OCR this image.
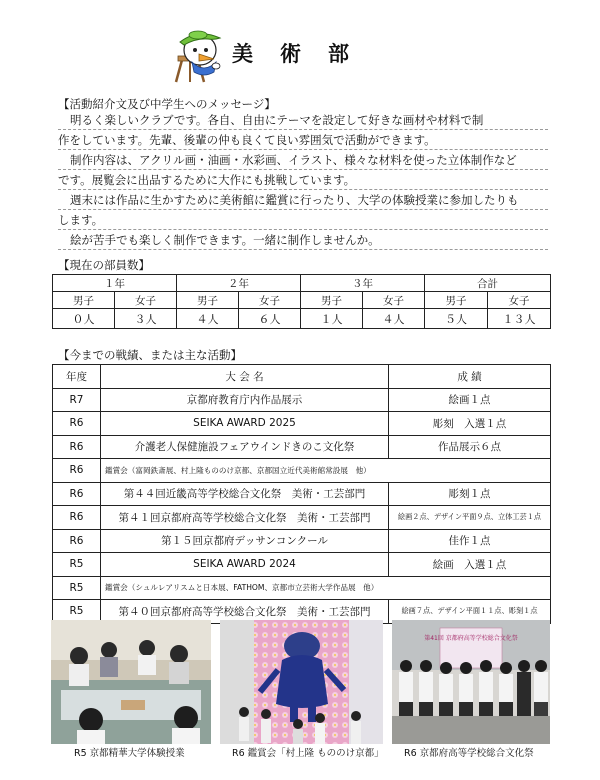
美術部
【活動紹介文及び中学生へのメッセージ】
明るく楽しいクラブです。各自、自由にテーマを設定して好きな画材や材料で制
作をしています。先輩、後輩の仲も良くて良い雰囲気で活動ができます。
制作内容は、アクリル画・油画・水彩画、イラスト、様々な材料を使った立体制作など
です。展覧会に出品するために大作にも挑戦しています。
週末には作品に生かすために美術館に鑑賞に行ったり、大学の体験授業に参加したりも
します。
絵が苦手でも楽しく制作できます。一緒に制作しませんか。
【現在の部員数】
１年		２年		３年		合計	
男子	女子	男子	女子	男子	女子	男子	女子
０人	３人	４人	６人	１人	４人	５人	１３人
【今までの戦績、または主な活動】
年度	大 会 名	成 績
R7	京都府教育庁内作品展示	絵画１点
R6	SEIKA AWARD 2025	彫刻　入選１点
R6	介護老人保健施設フェアウインドきのこ文化祭	作品展示６点
R6	鑑賞会（富岡鉄斎展、村上隆もののけ京都、京都国立近代美術館常設展　他）	
R6	第４４回近畿高等学校総合文化祭　美術・工芸部門	彫刻１点
R6	第４１回京都府高等学校総合文化祭　美術・工芸部門	絵画２点、デザイン平面９点、立体工芸１点
R6	第１５回京都府デッサンコンクール	佳作１点
R5	SEIKA AWARD 2024	絵画　入選１点
R5	鑑賞会（シュルレアリスムと日本展、FATHOM、京都市立芸術大学作品展　他）	
R5	第４０回京都府高等学校総合文化祭　美術・工芸部門	絵画７点、デザイン平面１１点、彫刻１点
R5 京都精華大学体験授業	R6 鑑賞会「村上隆 もののけ京都」
第41回 京都府高等学校総合文化祭
R6 京都府高等学校総合文化祭
